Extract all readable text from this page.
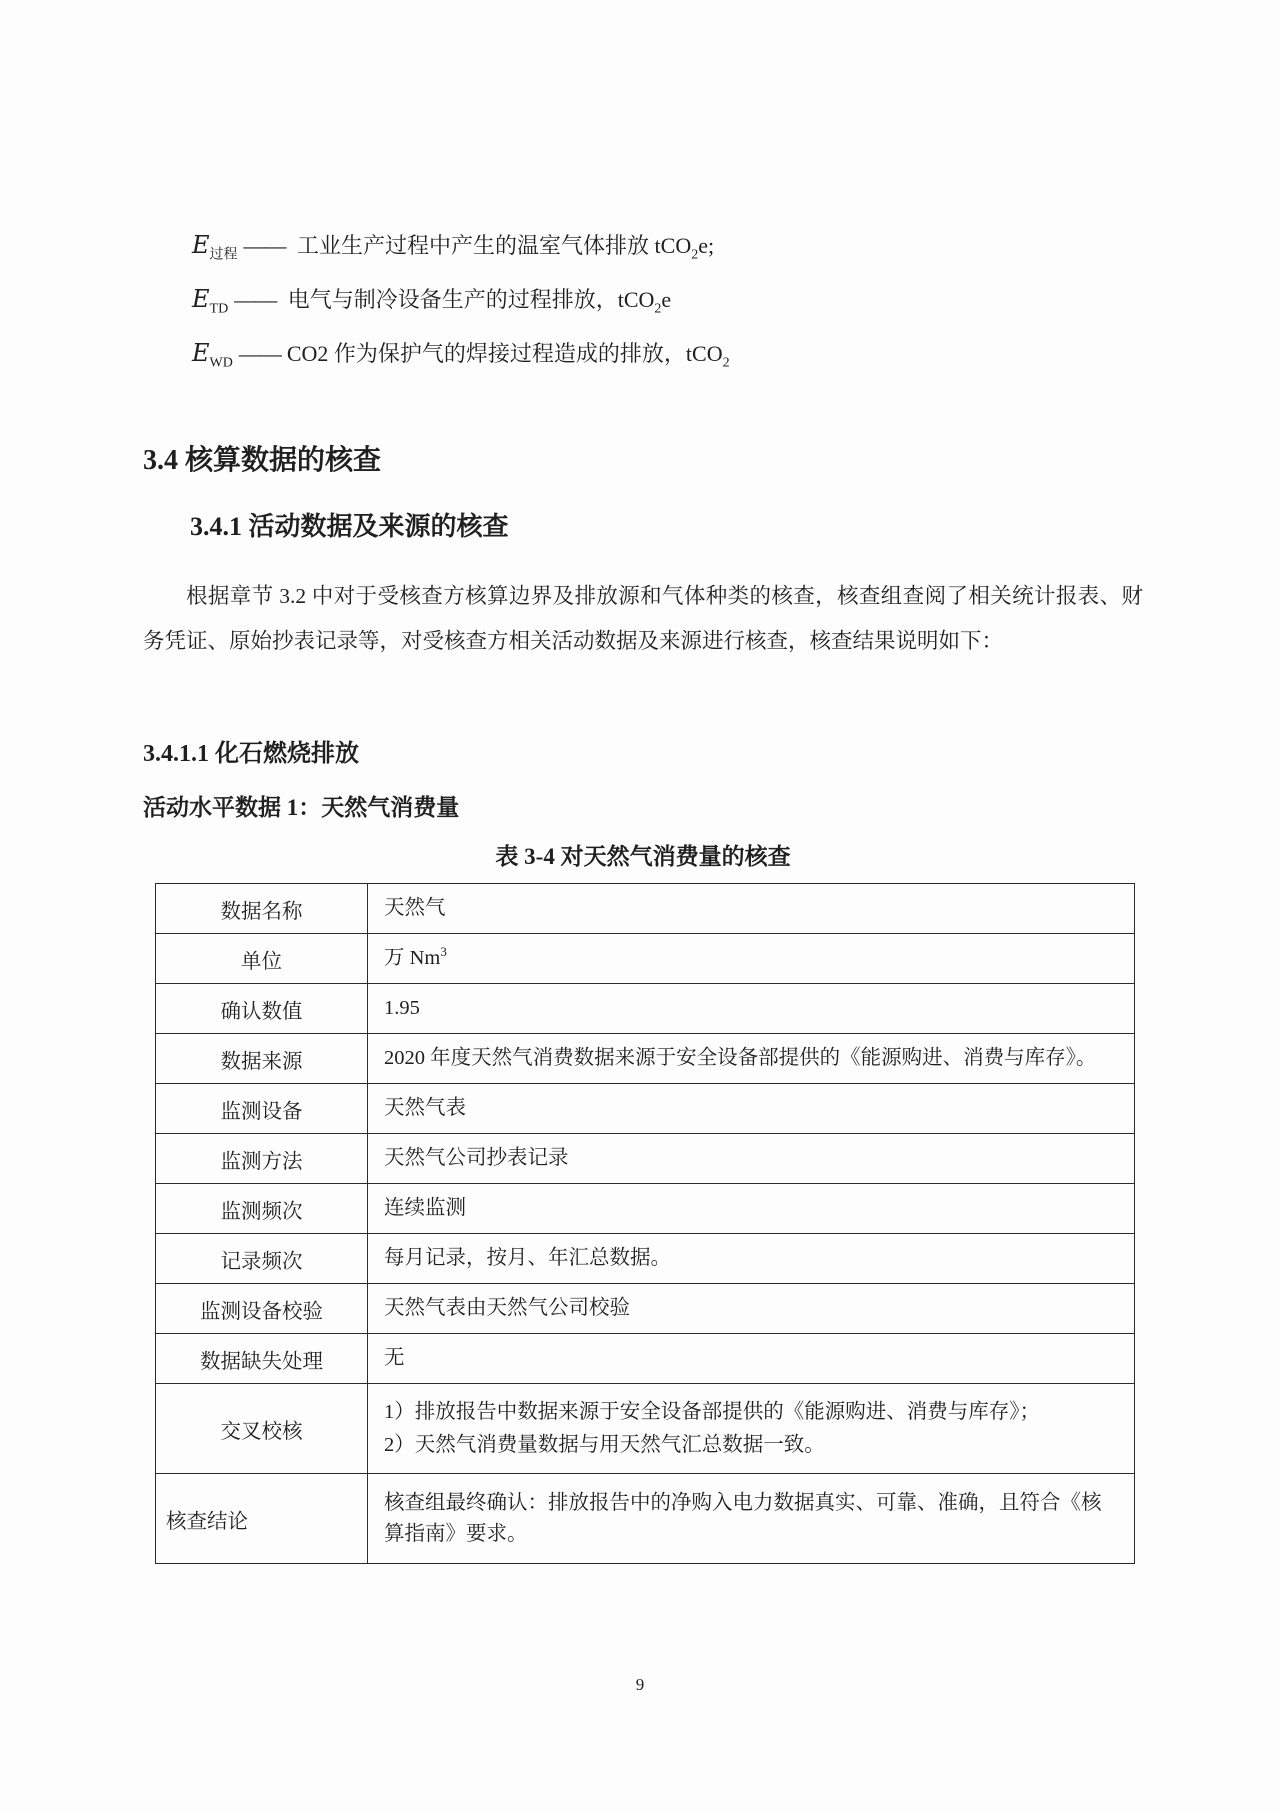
$E_{过程}$ —— 工业生产过程中产生的温室气体排放 tCO$_2$e;
$E_{TD}$ —— 电气与制冷设备生产的过程排放，tCO$_2$e
$E_{WD}$ —— CO2 作为保护气的焊接过程造成的排放，tCO$_2$
3.4 核算数据的核查
3.4.1 活动数据及来源的核查
根据章节 3.2 中对于受核查方核算边界及排放源和气体种类的核查，核查组查阅了相关统计报表、财务凭证、原始抄表记录等，对受核查方相关活动数据及来源进行核查，核查结果说明如下：
3.4.1.1 化石燃烧排放
活动水平数据 1：天然气消费量
表 3-4 对天然气消费量的核查
数据名称	天然气
单位	万 Nm$^3$
确认数值	1.95
数据来源	2020 年度天然气消费数据来源于安全设备部提供的《能源购进、消费与库存》。
监测设备	天然气表
监测方法	天然气公司抄表记录
监测频次	连续监测
记录频次	每月记录，按月、年汇总数据。
监测设备校验	天然气表由天然气公司校验
数据缺失处理	无
交叉校核	1）排放报告中数据来源于安全设备部提供的《能源购进、消费与库存》；
2）天然气消费量数据与用天然气汇总数据一致。

核查结论	核查组最终确认：排放报告中的净购入电力数据真实、可靠、准确，且符合《核算指南》要求。
9
